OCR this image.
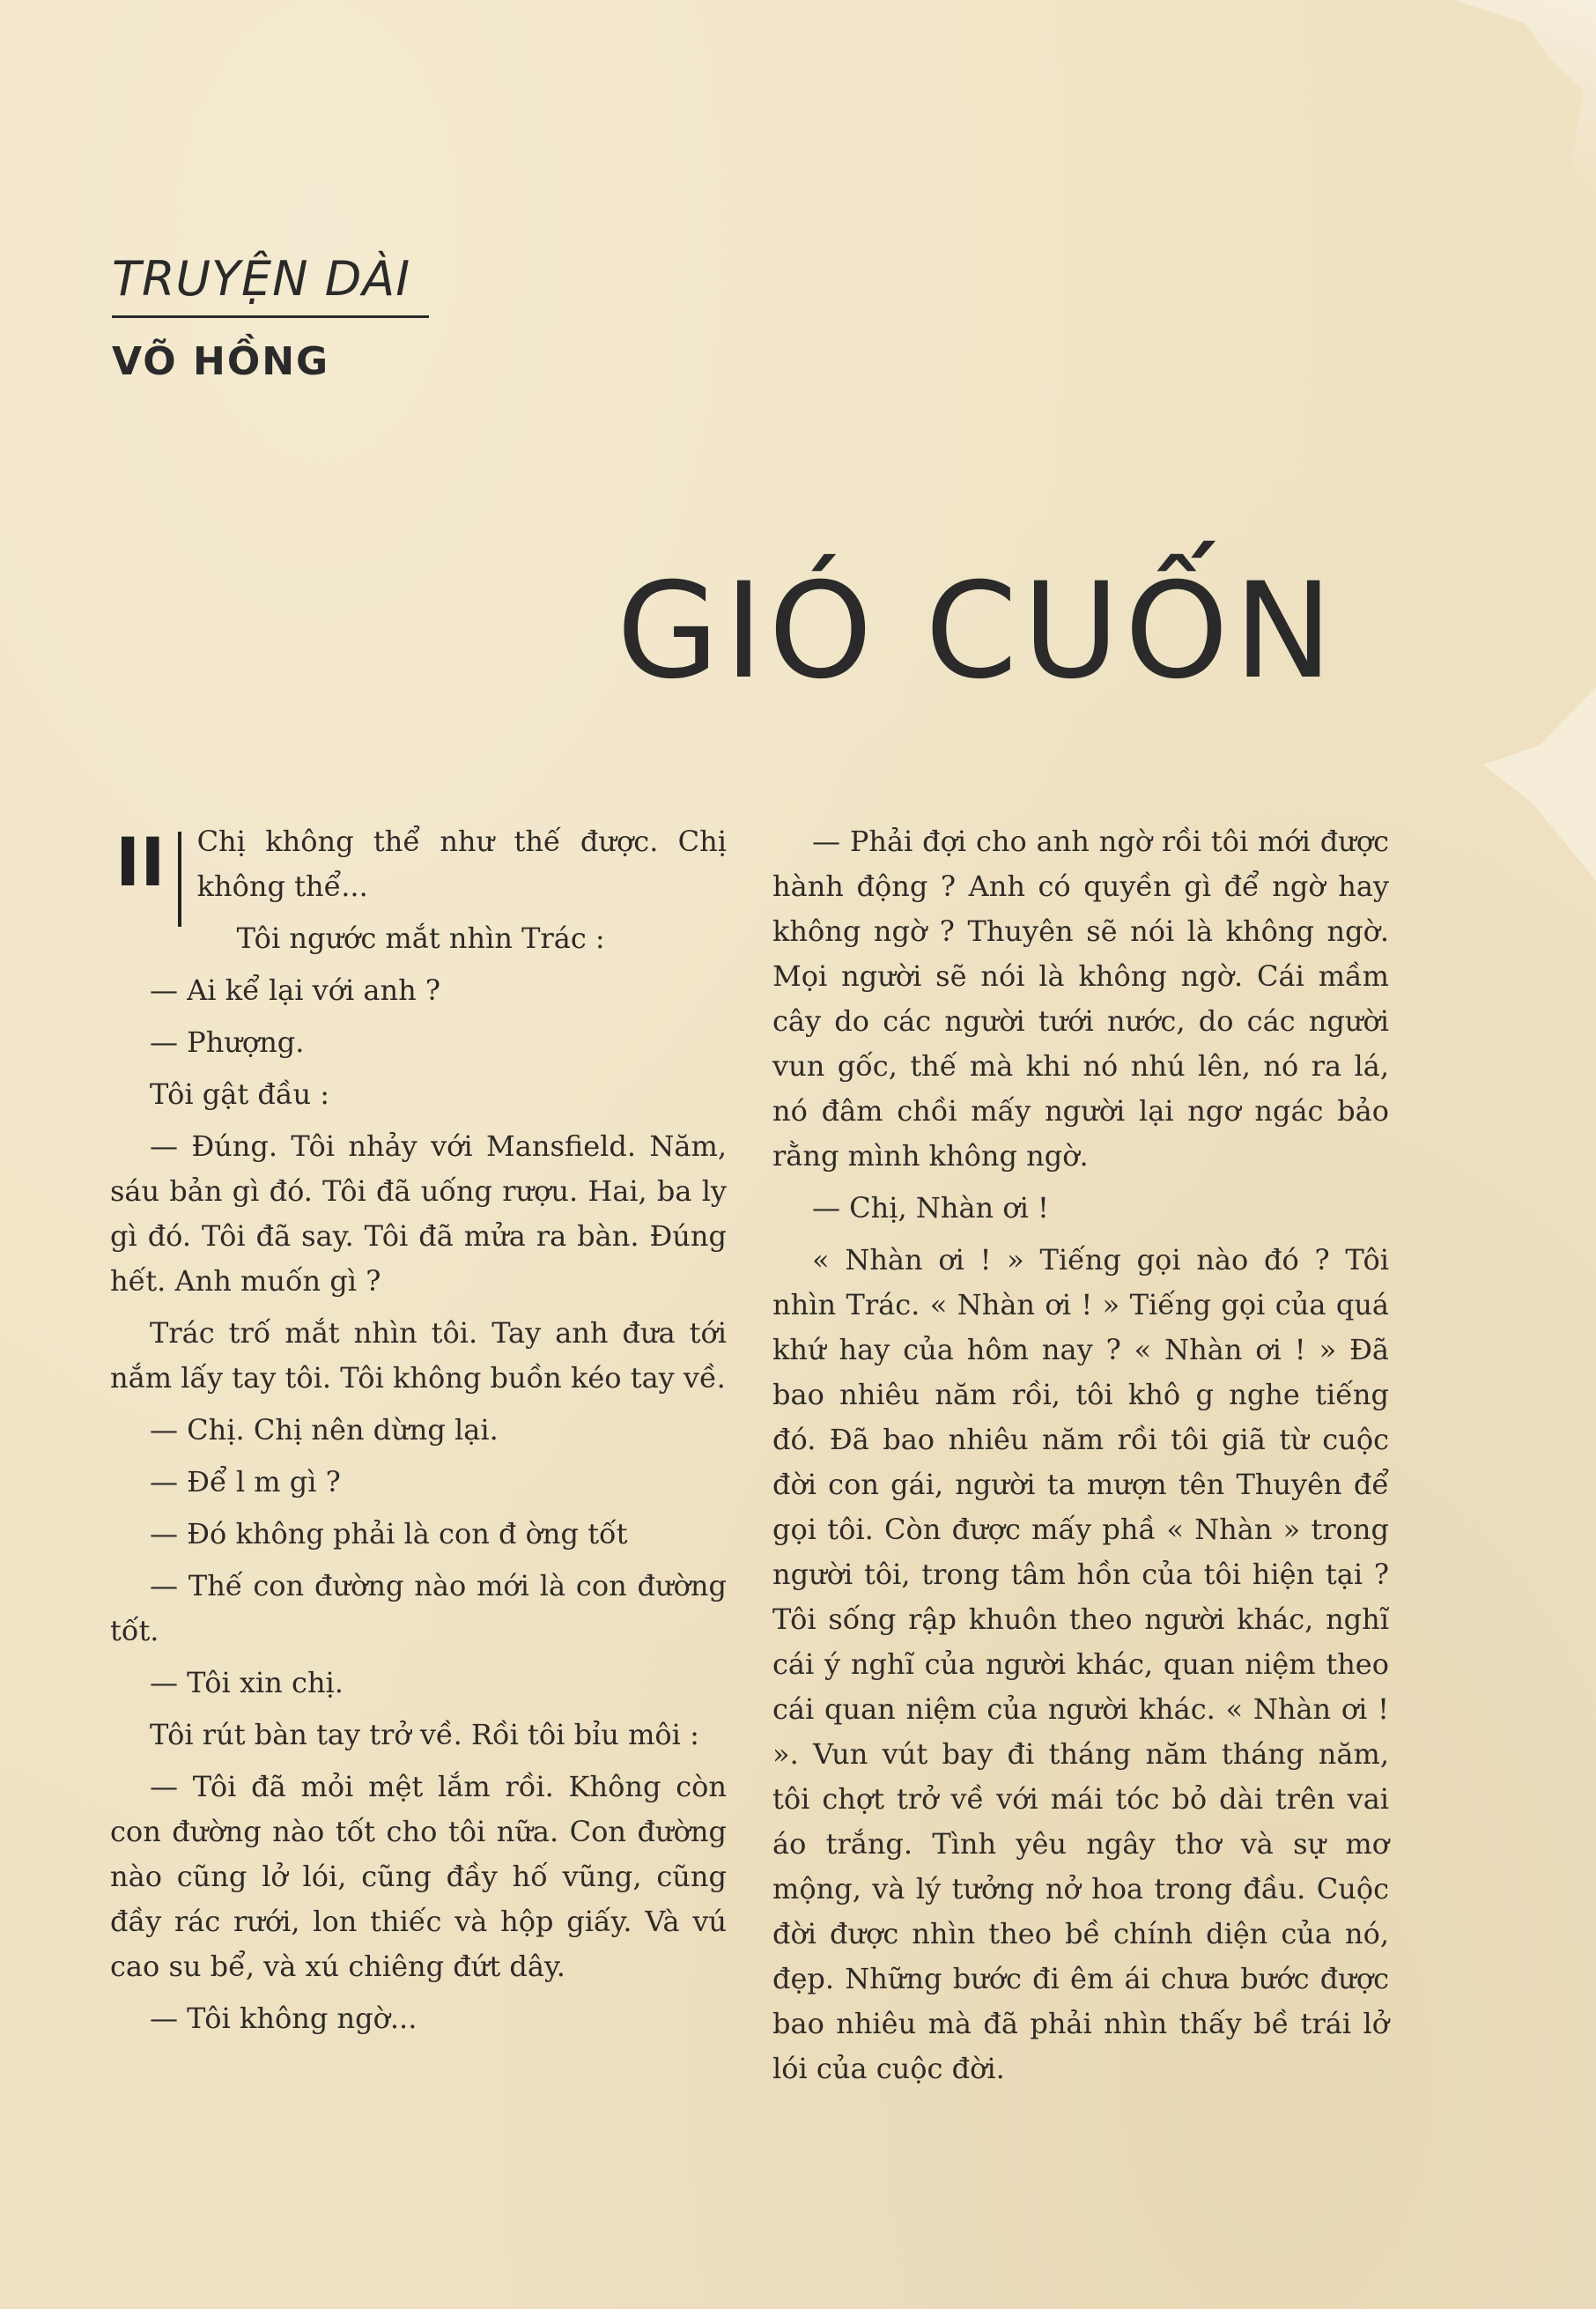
TRUYỆN DÀI
VÕ HỒNG
GIÓ CUỐN
II	Chị không thể như thế được. Chị không thể...

Tôi ngước mắt nhìn Trác :

— Ai kể lại với anh ?

— Phượng.

Tôi gật đầu :

— Đúng. Tôi nhảy với Mansfield. Năm, sáu bản gì đó. Tôi đã uống rượu. Hai, ba ly gì đó. Tôi đã say. Tôi đã mửa ra bàn. Đúng hết. Anh muốn gì ?

Trác trố mắt nhìn tôi. Tay anh đưa tới nắm lấy tay tôi. Tôi không buồn kéo tay về.

— Chị. Chị nên dừng lại.

— Để l m gì ?

— Đó không phải là con đ ờng tốt

— Thế con đường nào mới là con đường tốt.

— Tôi xin chị.

Tôi rút bàn tay trở về. Rồi tôi bỉu môi :

— Tôi đã mỏi mệt lắm rồi. Không còn con đường nào tốt cho tôi nữa. Con đường nào cũng lở lói, cũng đầy hố vũng, cũng đầy rác rưới, lon thiếc và hộp giấy. Và vú cao su bể, và xú chiêng đứt dây.

— Tôi không ngờ...

— Phải đợi cho anh ngờ rồi tôi mới được hành động ? Anh có quyền gì để ngờ hay không ngờ ? Thuyên sẽ nói là không ngờ. Mọi người sẽ nói là không ngờ. Cái mầm cây do các người tưới nước, do các người vun gốc, thế mà khi nó nhú lên, nó ra lá, nó đâm chồi mấy người lại ngơ ngác bảo rằng mình không ngờ.

— Chị, Nhàn ơi !

« Nhàn ơi ! » Tiếng gọi nào đó ? Tôi nhìn Trác. « Nhàn ơi ! » Tiếng gọi của quá khứ hay của hôm nay ? « Nhàn ơi ! » Đã bao nhiêu năm rồi, tôi khô g nghe tiếng đó. Đã bao nhiêu năm rồi tôi giã từ cuộc đời con gái, người ta mượn tên Thuyên để gọi tôi. Còn được mấy phầ « Nhàn » trong người tôi, trong tâm hồn của tôi hiện tại ? Tôi sống rập khuôn theo người khác, nghĩ cái ý nghĩ của người khác, quan niệm theo cái quan niệm của người khác. « Nhàn ơi ! ». Vun vút bay đi tháng năm tháng năm, tôi chợt trở về với mái tóc bỏ dài trên vai áo trắng. Tình yêu ngây thơ và sự mơ mộng, và lý tưởng nở hoa trong đầu. Cuộc đời được nhìn theo bề chính diện của nó, đẹp. Những bước đi êm ái chưa bước được bao nhiêu mà đã phải nhìn thấy bề trái lở lói của cuộc đời.
